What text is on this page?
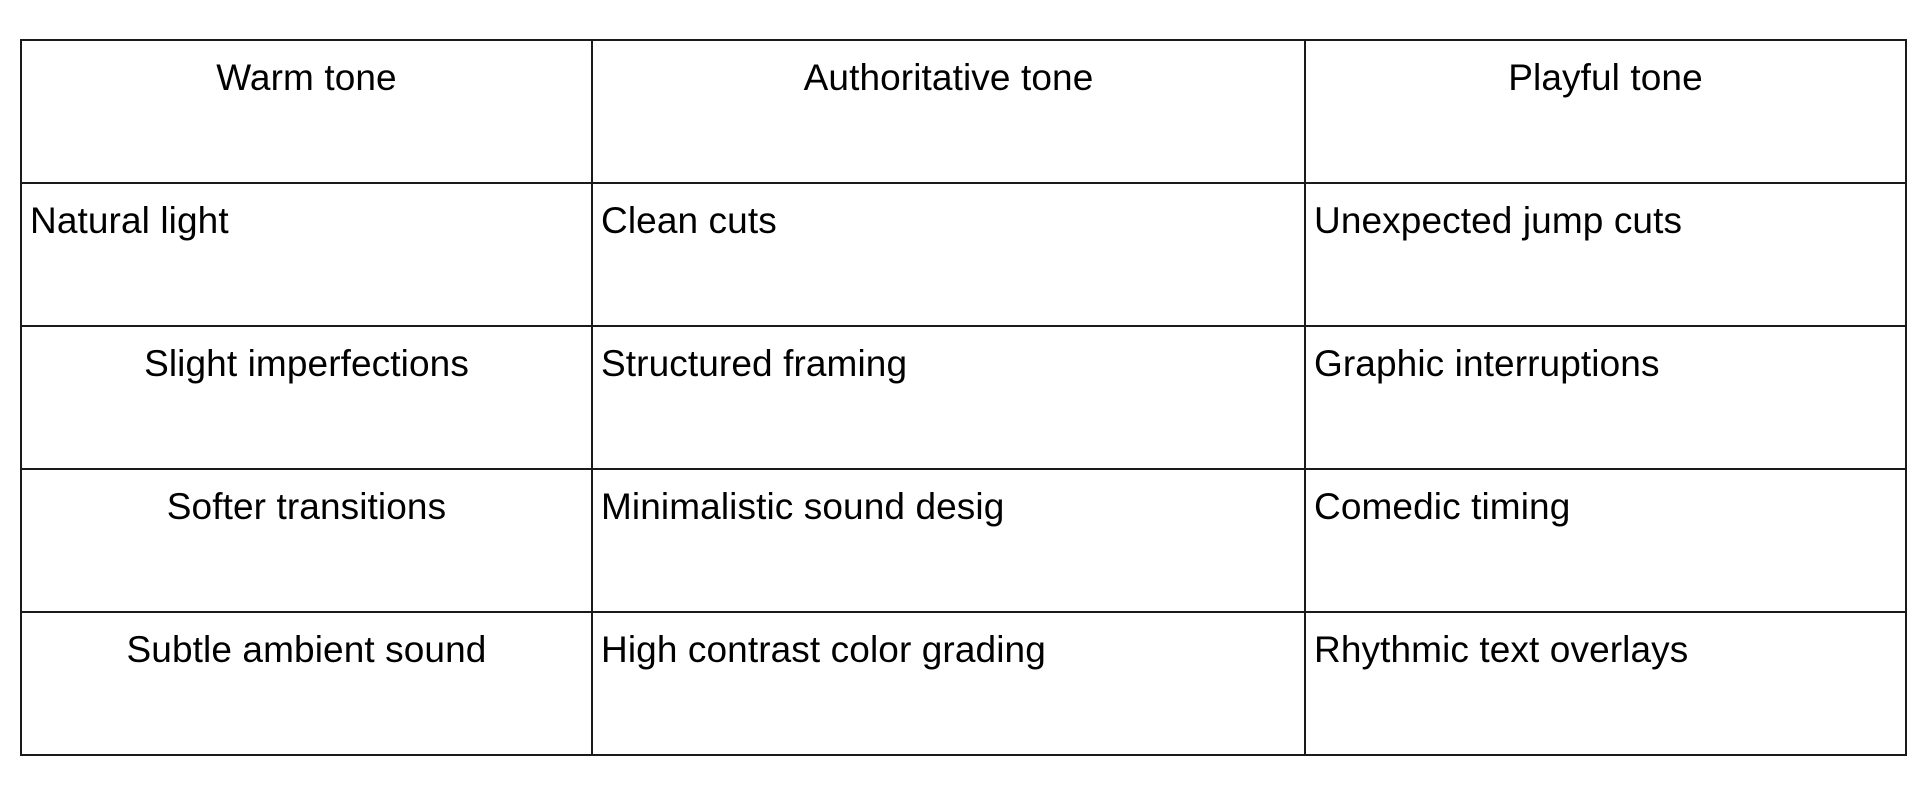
Warm tone	Authoritative tone	Playful tone

Natural light	Clean cuts	Unexpected jump cuts

Slight imperfections	Structured framing	Graphic interruptions

Softer transitions	Minimalistic sound desig	Comedic timing

Subtle ambient sound	High contrast color grading	Rhythmic text overlays
